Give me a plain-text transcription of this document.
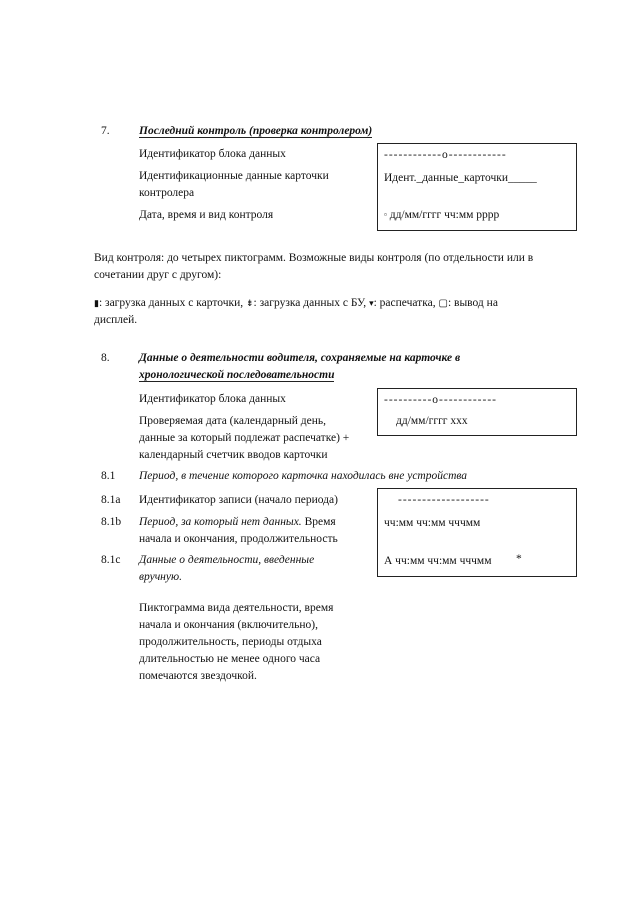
7.	Последний контроль (проверка контролером)
Идентификатор блока данных
Идентификационные данные карточки
контролера
Дата, время и вид контроля
------------ο------------
Идент._данные_карточки_____
▫ дд/мм/гггг чч:мм pppp
Вид контроля: до четырех пиктограмм. Возможные виды контроля (по отдельности или в
сочетании друг с другом):
▮: загрузка данных с карточки, ⇟: загрузка данных с БУ, ▾: распечатка, ▢: вывод на
дисплей.
8.	Данные о деятельности водителя, сохраняемые на карточке в
хронологической последовательности
Идентификатор блока данных
Проверяемая дата (календарный день,
данные за который подлежат распечатке) +
календарный счетчик вводов карточки
----------ο------------
дд/мм/гггг xxx
8.1 Период, в течение которого карточка находилась вне устройства
8.1a Идентификатор записи (начало периода)
8.1b Период, за который нет данных. Время
начала и окончания, продолжительность
8.1c Данные о деятельности, введенные
вручную.
-------------------
чч:мм чч:мм чччмм
А чч:мм чч:мм чччмм *
Пиктограмма вида деятельности, время
начала и окончания (включительно),
продолжительность, периоды отдыха
длительностью не менее одного часа
помечаются звездочкой.
